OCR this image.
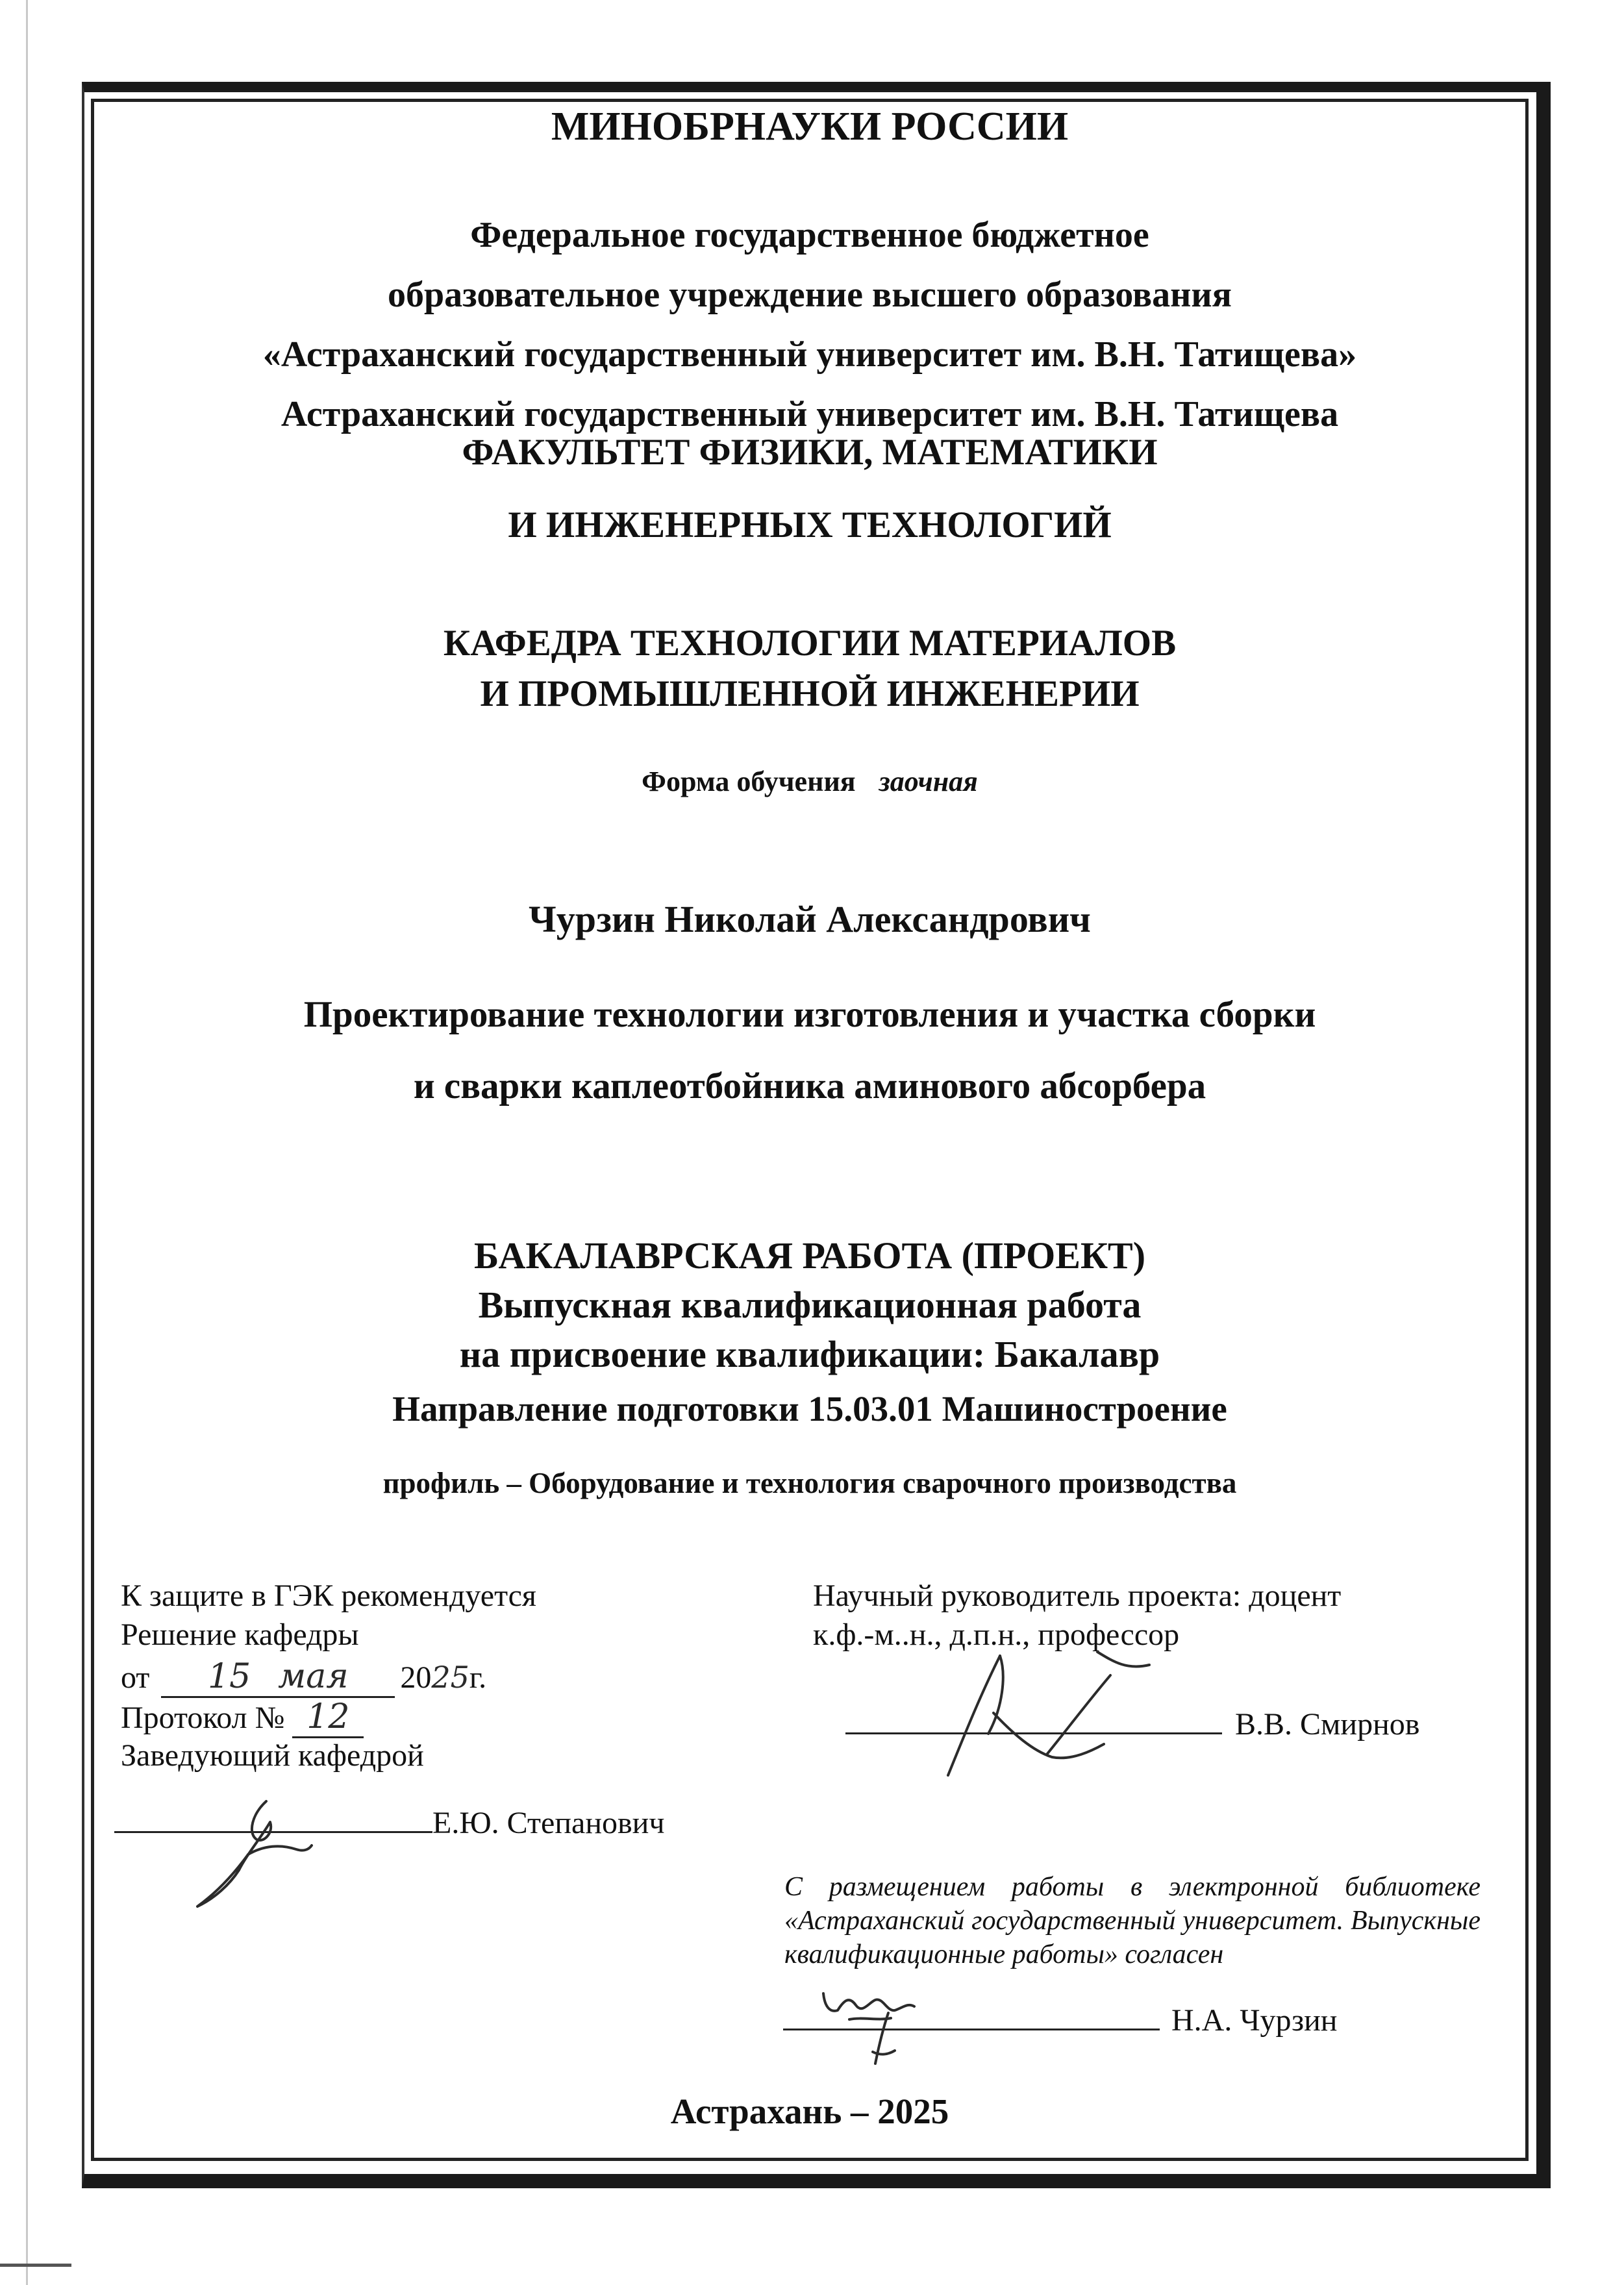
МИНОБРНАУКИ РОССИИ
Федеральное государственное бюджетное
образовательное учреждение высшего образования
«Астраханский государственный университет им. В.Н. Татищева»
Астраханский государственный университет им. В.Н. Татищева
ФАКУЛЬТЕТ ФИЗИКИ, МАТЕМАТИКИ
И ИНЖЕНЕРНЫХ ТЕХНОЛОГИЙ
КАФЕДРА ТЕХНОЛОГИИ МАТЕРИАЛОВ
И ПРОМЫШЛЕННОЙ ИНЖЕНЕРИИ
Форма обучения заочная
Чурзин Николай Александрович
Проектирование технологии изготовления и участка сборки
и сварки каплеотбойника аминового абсорбера
БАКАЛАВРСКАЯ РАБОТА (ПРОЕКТ)
Выпускная квалификационная работа
на присвоение квалификации: Бакалавр
Направление подготовки 15.03.01 Машиностроение
профиль – Оборудование и технология сварочного производства

К защите в ГЭК рекомендуется

Решение кафедры

от 15 мая 2025г.

Протокол № 12

Заведующий кафедрой

Е.Ю. Степанович

Научный руководитель проекта: доцент

к.ф.-м..н., д.п.н., профессор

В.В. Смирнов

С размещением работы в электронной библиотеке «Астраханский государственный университет. Выпускные квалификационные работы» согласен

Н.А. Чурзин

Астрахань – 2025
